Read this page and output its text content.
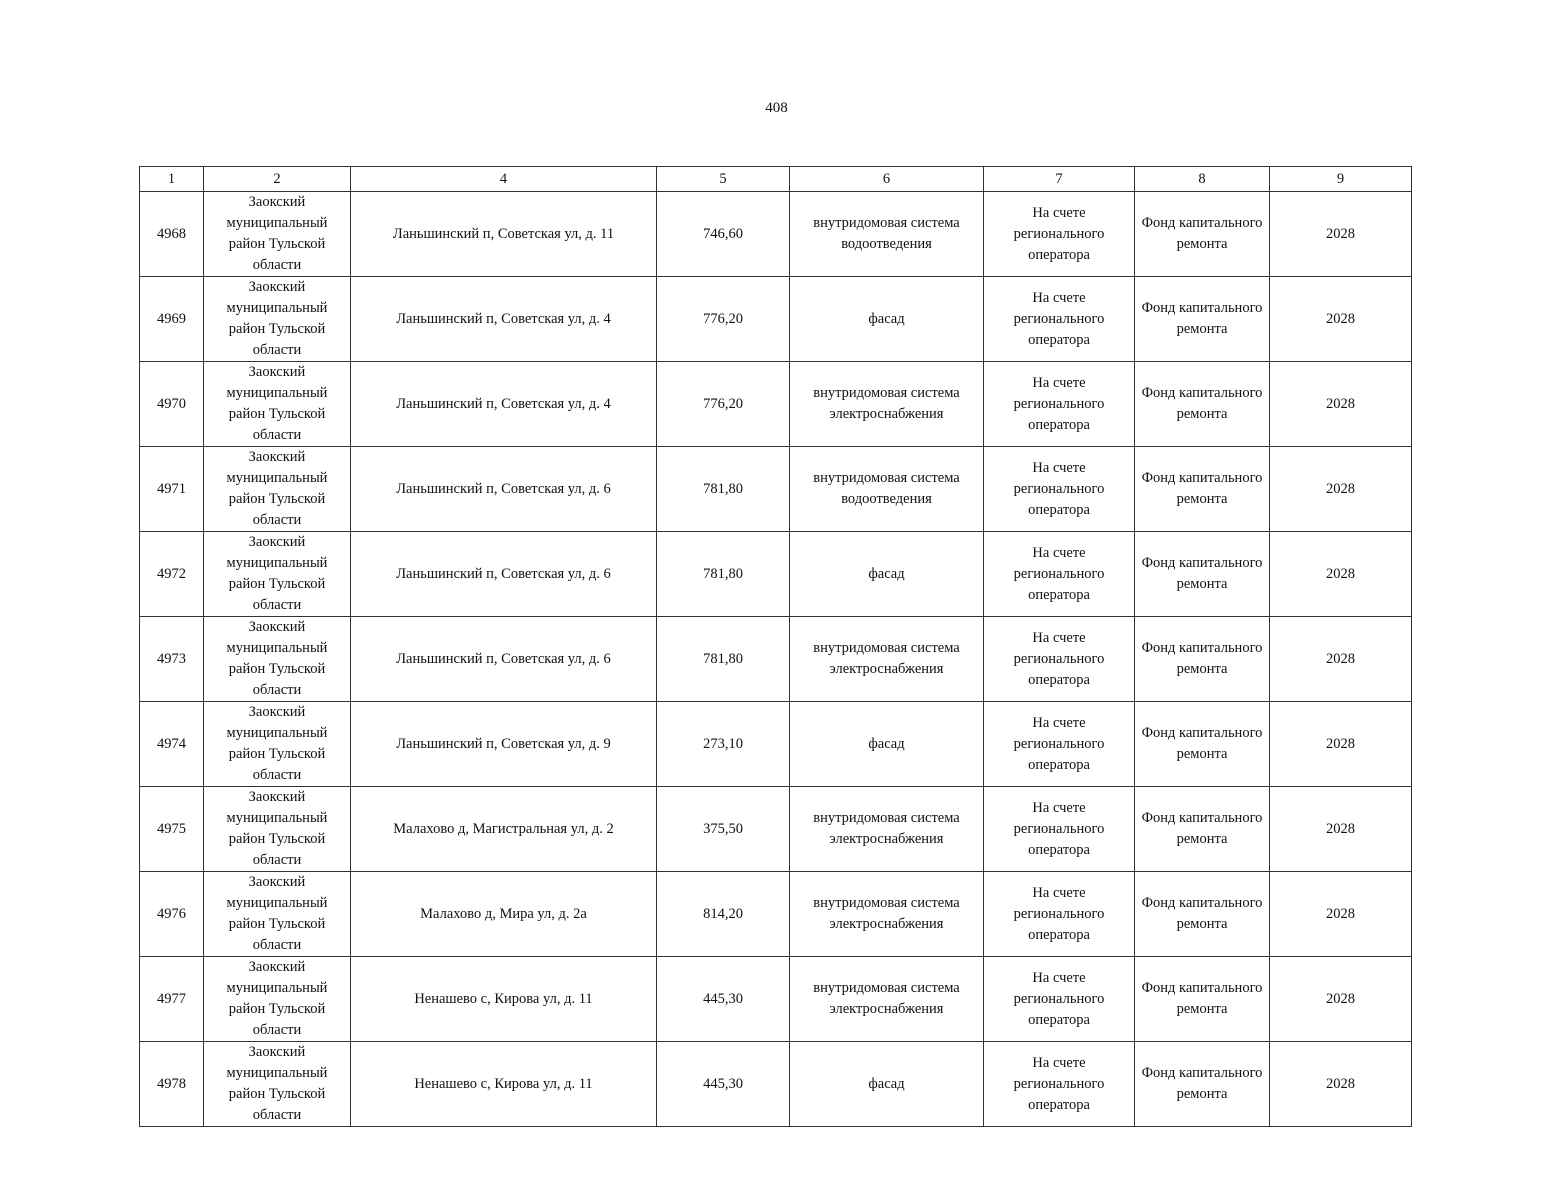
408
1	2	4	5	6	7	8	9
4968	Заокский муниципальный район Тульской области	Ланьшинский п, Советская ул, д. 11	746,60	внутридомовая система водоотведения	На счете регионального оператора	Фонд капитального ремонта	2028
4969	Заокский муниципальный район Тульской области	Ланьшинский п, Советская ул, д. 4	776,20	фасад	На счете регионального оператора	Фонд капитального ремонта	2028
4970	Заокский муниципальный район Тульской области	Ланьшинский п, Советская ул, д. 4	776,20	внутридомовая система электроснабжения	На счете регионального оператора	Фонд капитального ремонта	2028
4971	Заокский муниципальный район Тульской области	Ланьшинский п, Советская ул, д. 6	781,80	внутридомовая система водоотведения	На счете регионального оператора	Фонд капитального ремонта	2028
4972	Заокский муниципальный район Тульской области	Ланьшинский п, Советская ул, д. 6	781,80	фасад	На счете регионального оператора	Фонд капитального ремонта	2028
4973	Заокский муниципальный район Тульской области	Ланьшинский п, Советская ул, д. 6	781,80	внутридомовая система электроснабжения	На счете регионального оператора	Фонд капитального ремонта	2028
4974	Заокский муниципальный район Тульской области	Ланьшинский п, Советская ул, д. 9	273,10	фасад	На счете регионального оператора	Фонд капитального ремонта	2028
4975	Заокский муниципальный район Тульской области	Малахово д, Магистральная ул, д. 2	375,50	внутридомовая система электроснабжения	На счете регионального оператора	Фонд капитального ремонта	2028
4976	Заокский муниципальный район Тульской области	Малахово д, Мира ул, д. 2а	814,20	внутридомовая система электроснабжения	На счете регионального оператора	Фонд капитального ремонта	2028
4977	Заокский муниципальный район Тульской области	Ненашево с, Кирова ул, д. 11	445,30	внутридомовая система электроснабжения	На счете регионального оператора	Фонд капитального ремонта	2028
4978	Заокский муниципальный район Тульской области	Ненашево с, Кирова ул, д. 11	445,30	фасад	На счете регионального оператора	Фонд капитального ремонта	2028
